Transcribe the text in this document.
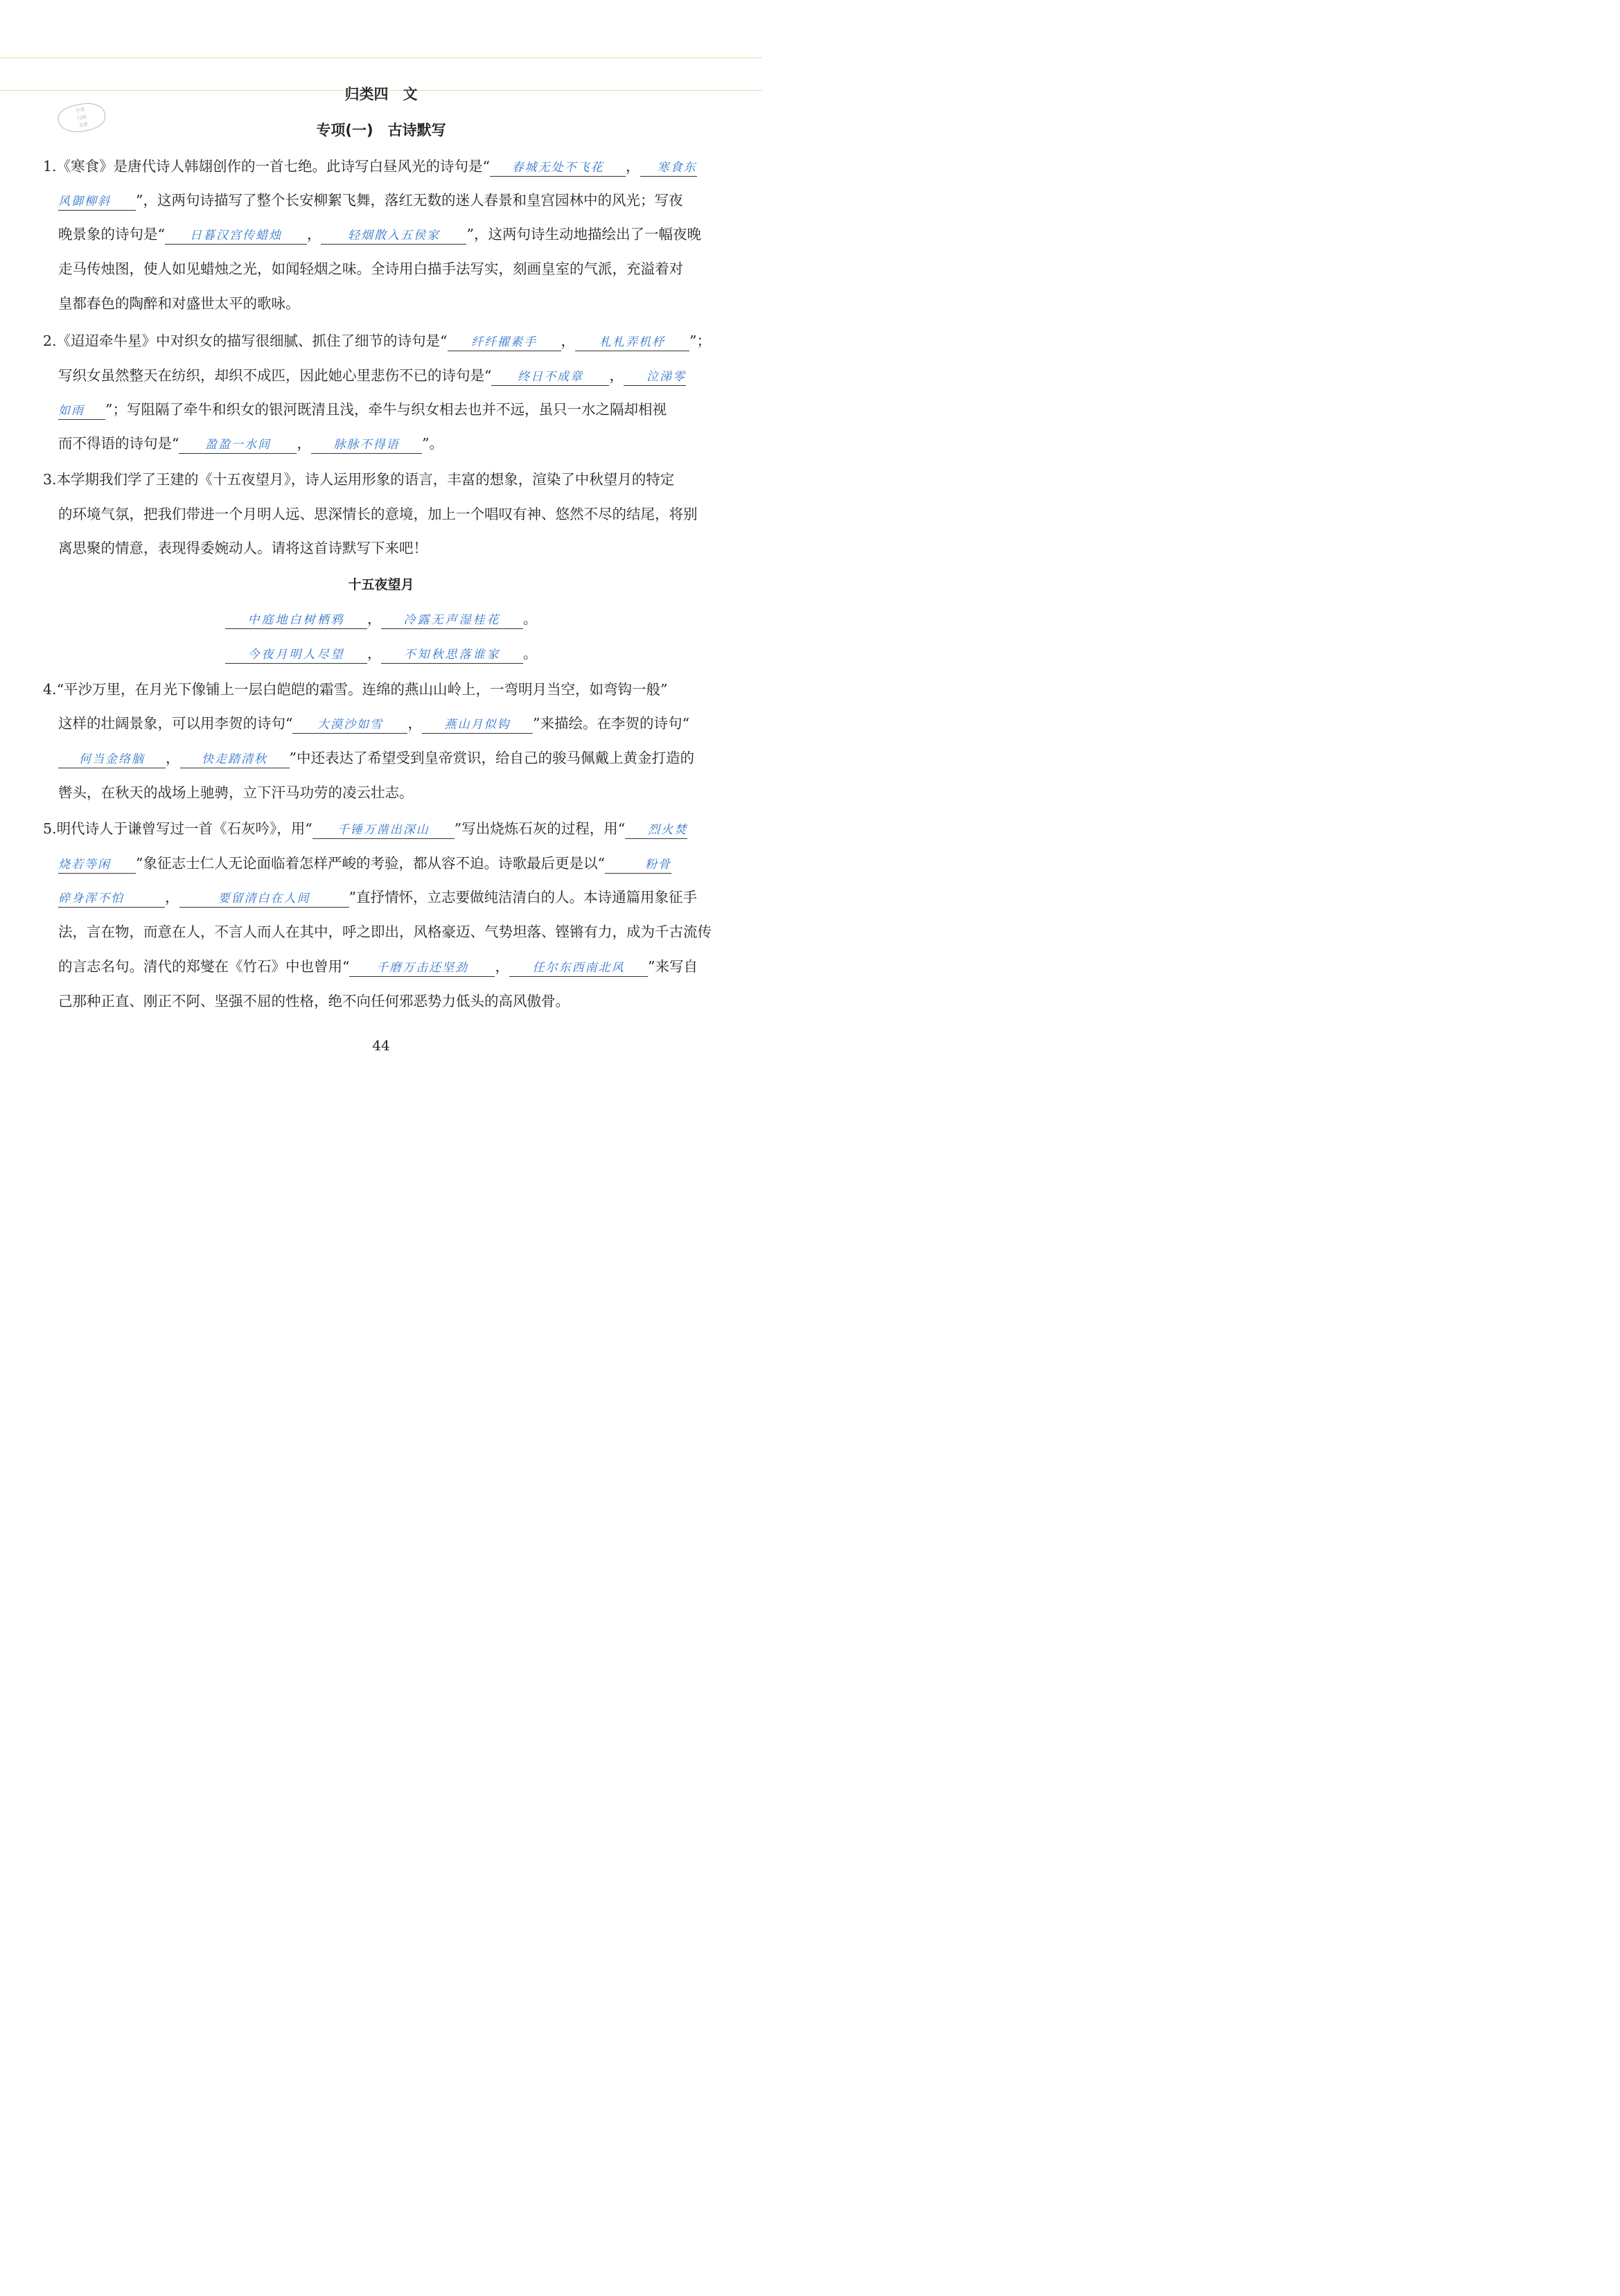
字里
行间
书香
归类四　文
专项(一)　古诗默写
1.《寒食》是唐代诗人韩翃创作的一首七绝。此诗写白昼风光的诗句是“ 春城无处不飞花 ， 寒食东
风御柳斜 ”，这两句诗描写了整个长安柳絮飞舞，落红无数的迷人春景和皇宫园林中的风光；写夜
晚景象的诗句是“ 日暮汉宫传蜡烛 ， 轻烟散入五侯家 ”，这两句诗生动地描绘出了一幅夜晚
走马传烛图，使人如见蜡烛之光，如闻轻烟之味。全诗用白描手法写实，刻画皇室的气派，充溢着对
皇都春色的陶醉和对盛世太平的歌咏。
2.《迢迢牵牛星》中对织女的描写很细腻、抓住了细节的诗句是“ 纤纤擢素手 ， 札札弄机杼 ”；
写织女虽然整天在纺织，却织不成匹，因此她心里悲伤不已的诗句是“ 终日不成章 ， 泣涕零
如雨 ”；写阻隔了牵牛和织女的银河既清且浅，牵牛与织女相去也并不远，虽只一水之隔却相视
而不得语的诗句是“ 盈盈一水间 ， 脉脉不得语 ”。
3.本学期我们学了王建的《十五夜望月》，诗人运用形象的语言，丰富的想象，渲染了中秋望月的特定
的环境气氛，把我们带进一个月明人远、思深情长的意境，加上一个唱叹有神、悠然不尽的结尾，将别
离思聚的情意，表现得委婉动人。请将这首诗默写下来吧！
十五夜望月
中庭地白树栖鸦 ， 冷露无声湿桂花 。
今夜月明人尽望 ， 不知秋思落谁家 。
4.“平沙万里，在月光下像铺上一层白皑皑的霜雪。连绵的燕山山岭上，一弯明月当空，如弯钩一般”
这样的壮阔景象，可以用李贺的诗句“ 大漠沙如雪 ， 燕山月似钩 ”来描绘。在李贺的诗句“
何当金络脑 ， 快走踏清秋 ”中还表达了希望受到皇帝赏识，给自己的骏马佩戴上黄金打造的
辔头，在秋天的战场上驰骋，立下汗马功劳的凌云壮志。
5.明代诗人于谦曾写过一首《石灰吟》，用“ 千锤万凿出深山 ”写出烧炼石灰的过程，用“ 烈火焚
烧若等闲 ”象征志士仁人无论面临着怎样严峻的考验，都从容不迫。诗歌最后更是以“	粉骨
碎身浑不怕	，	要留清白在人间	”直抒情怀，立志要做纯洁清白的人。本诗通篇用象征手
法，言在物，而意在人，不言人而人在其中，呼之即出，风格豪迈、气势坦落、铿锵有力，成为千古流传
的言志名句。清代的郑燮在《竹石》中也曾用“ 千磨万击还坚劲 ， 任尔东西南北风 ”来写自
己那种正直、刚正不阿、坚强不屈的性格，绝不向任何邪恶势力低头的高风傲骨。
44
